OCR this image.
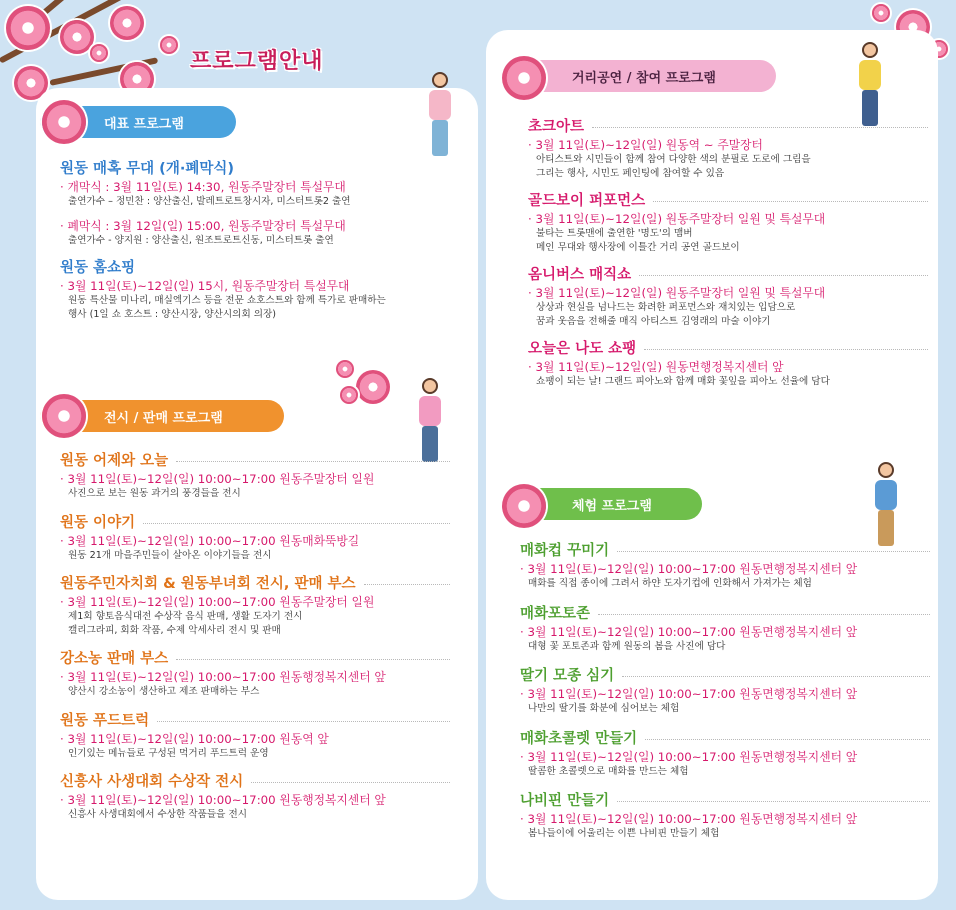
프로그램안내
대표 프로그램

원동 매혹 무대 (개·폐막식)

· 개막식 : 3월 11일(토) 14:30, 원동주말장터 특설무대

출연가수 – 정민찬 : 양산출신, 발레트로트창시자, 미스터트롯2 출연

· 폐막식 : 3월 12일(일) 15:00, 원동주말장터 특설무대

출연가수 - 양지원 : 양산출신, 원조트로트신동, 미스터트롯 출연

원동 홈쇼핑

· 3월 11일(토)~12일(일) 15시, 원동주말장터 특설무대

원동 특산물 미나리, 매실엑기스 등을 전문 쇼호스트와 함께 특가로 판매하는

행사 (1일 쇼 호스트 : 양산시장, 양산시의회 의장)

전시 / 판매 프로그램

원동 어제와 오늘

· 3월 11일(토)~12일(일) 10:00~17:00 원동주말장터 일원

사진으로 보는 원동 과거의 풍경들을 전시

원동 이야기

· 3월 11일(토)~12일(일) 10:00~17:00 원동매화뚝방길

원동 21개 마을주민들이 살아온 이야기들을 전시

원동주민자치회 & 원동부녀회 전시, 판매 부스

· 3월 11일(토)~12일(일) 10:00~17:00 원동주말장터 일원

제1회 향토음식대전 수상작 음식 판매, 생활 도자기 전시

캘리그라피, 회화 작품, 수제 악세사리 전시 및 판매

강소농 판매 부스

· 3월 11일(토)~12일(일) 10:00~17:00 원동행정복지센터 앞

양산시 강소농이 생산하고 제조 판매하는 부스

원동 푸드트럭

· 3월 11일(토)~12일(일) 10:00~17:00 원동역 앞

인기있는 메뉴들로 구성된 먹거리 푸드트럭 운영

신흥사 사생대회 수상작 전시

· 3월 11일(토)~12일(일) 10:00~17:00 원동행정복지센터 앞

신흥사 사생대회에서 수상한 작품들을 전시

거리공연 / 참여 프로그램

초크아트

· 3월 11일(토)~12일(일) 원동역 ~ 주말장터

아티스트와 시민들이 함께 참여 다양한 색의 분필로 도로에 그림을

그리는 행사, 시민도 페인팅에 참여할 수 있음

골드보이 퍼포먼스

· 3월 11일(토)~12일(일) 원동주말장터 일원 및 특설무대

불타는 트롯맨에 출연한 '명도'의 맴버

메인 무대와 행사장에 이틀간 거리 공연 골드보이

옴니버스 매직쇼

· 3월 11일(토)~12일(일) 원동주말장터 일원 및 특설무대

상상과 현실을 넘나드는 화려한 퍼포먼스와 재치있는 입담으로

꿈과 웃음을 전해줄 매직 아티스트 김영래의 마술 이야기

오늘은 나도 쇼팽

· 3월 11일(토)~12일(일) 원동면행정복지센터 앞

쇼팽이 되는 날! 그랜드 피아노와 함께 매화 꽃잎을 피아노 선율에 담다

체험 프로그램

매화컵 꾸미기

· 3월 11일(토)~12일(일) 10:00~17:00 원동면행정복지센터 앞

매화를 직접 종이에 그려서 하얀 도자기컵에 인화해서 가져가는 체험

매화포토존

· 3월 11일(토)~12일(일) 10:00~17:00 원동면행정복지센터 앞

대형 꽃 포토존과 함께 원동의 봄을 사진에 담다

딸기 모종 심기

· 3월 11일(토)~12일(일) 10:00~17:00 원동면행정복지센터 앞

나만의 딸기를 화분에 심어보는 체험

매화초콜렛 만들기

· 3월 11일(토)~12일(일) 10:00~17:00 원동면행정복지센터 앞

딸콤한 초콜렛으로 매화를 만드는 체험

나비핀 만들기

· 3월 11일(토)~12일(일) 10:00~17:00 원동면행정복지센터 앞

봄나들이에 어울리는 이쁜 나비핀 만들기 체험
